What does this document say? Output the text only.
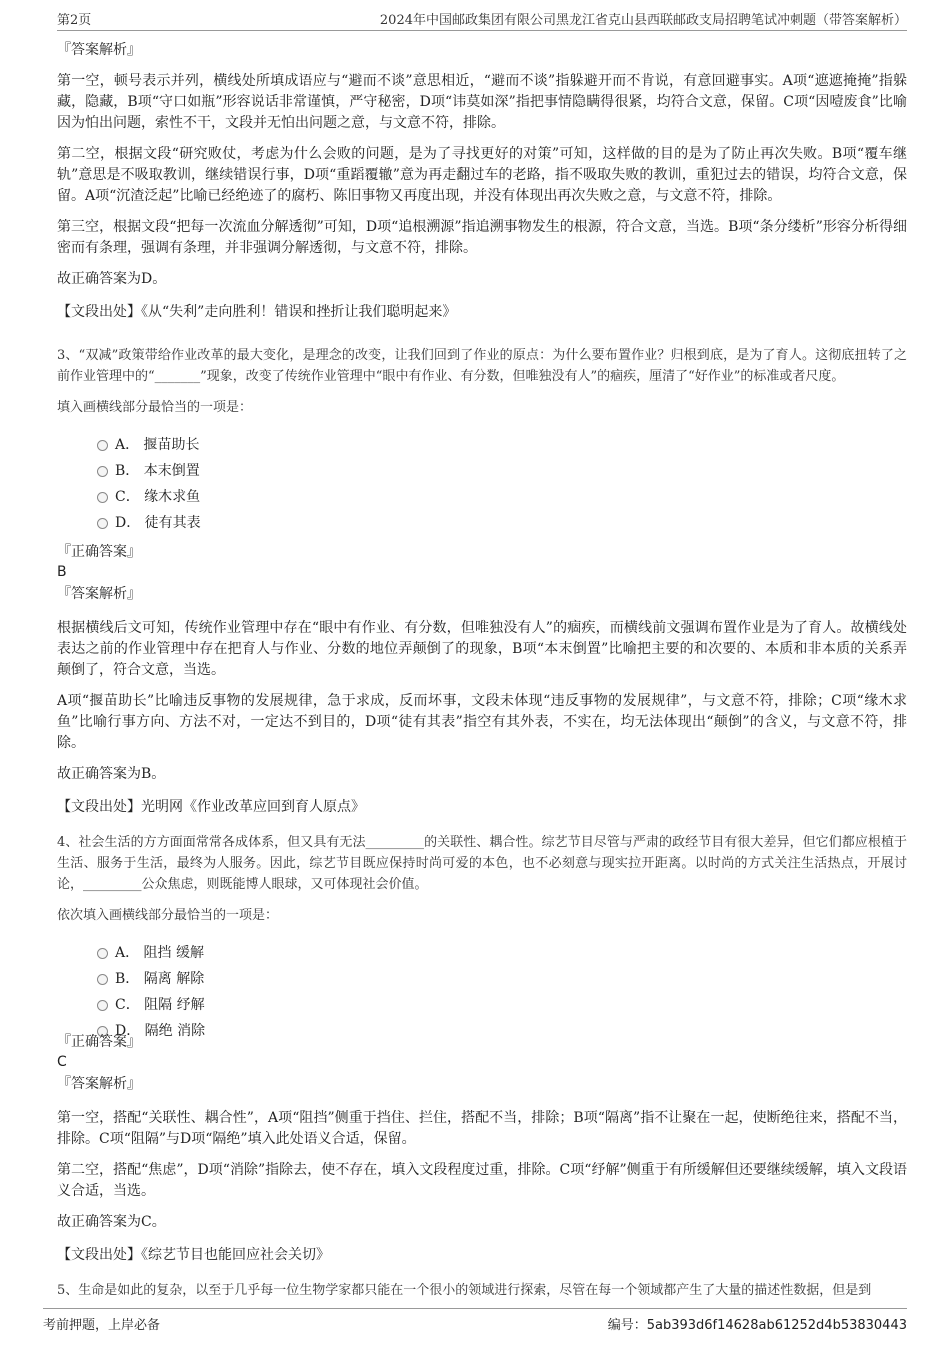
第2页	2024年中国邮政集团有限公司黑龙江省克山县西联邮政支局招聘笔试冲刺题（带答案解析）
『答案解析』

第一空，顿号表示并列，横线处所填成语应与“避而不谈”意思相近，“避而不谈”指躲避开而不肯说，有意回避事实。A项“遮遮掩掩”指躲藏，隐藏，B项“守口如瓶”形容说话非常谨慎，严守秘密，D项“讳莫如深”指把事情隐瞒得很紧，均符合文意，保留。C项“因噎废食”比喻因为怕出问题，索性不干，文段并无怕出问题之意，与文意不符，排除。

第二空，根据文段“研究败仗，考虑为什么会败的问题，是为了寻找更好的对策”可知，这样做的目的是为了防止再次失败。B项“覆车继轨”意思是不吸取教训，继续错误行事，D项“重蹈覆辙”意为再走翻过车的老路，指不吸取失败的教训，重犯过去的错误，均符合文意，保留。A项“沉渣泛起”比喻已经绝迹了的腐朽、陈旧事物又再度出现，并没有体现出再次失败之意，与文意不符，排除。

第三空，根据文段“把每一次流血分解透彻”可知，D项“追根溯源”指追溯事物发生的根源，符合文意，当选。B项“条分缕析”形容分析得细密而有条理，强调有条理，并非强调分解透彻，与文意不符，排除。

故正确答案为D。

【文段出处】《从“失利”走向胜利！错误和挫折让我们聪明起来》
3、“双减”政策带给作业改革的最大变化，是理念的改变，让我们回到了作业的原点：为什么要布置作业？归根到底，是为了育人。这彻底扭转了之前作业管理中的“_______”现象，改变了传统作业管理中“眼中有作业、有分数，但唯独没有人”的痼疾，厘清了“好作业”的标准或者尺度。
填入画横线部分最恰当的一项是：
A． 揠苗助长
B． 本末倒置
C． 缘木求鱼
D． 徒有其表
『正确答案』
B
『答案解析』

根据横线后文可知，传统作业管理中存在“眼中有作业、有分数，但唯独没有人”的痼疾，而横线前文强调布置作业是为了育人。故横线处表达之前的作业管理中存在把育人与作业、分数的地位弄颠倒了的现象，B项“本末倒置”比喻把主要的和次要的、本质和非本质的关系弄颠倒了，符合文意，当选。

A项“揠苗助长”比喻违反事物的发展规律，急于求成，反而坏事，文段未体现“违反事物的发展规律”，与文意不符，排除；C项“缘木求鱼”比喻行事方向、方法不对，一定达不到目的，D项“徒有其表”指空有其外表，不实在，均无法体现出“颠倒”的含义，与文意不符，排除。

故正确答案为B。

【文段出处】光明网《作业改革应回到育人原点》
4、社会生活的方方面面常常各成体系，但又具有无法_________的关联性、耦合性。综艺节目尽管与严肃的政经节目有很大差异，但它们都应根植于生活、服务于生活，最终为人服务。因此，综艺节目既应保持时尚可爱的本色，也不必刻意与现实拉开距离。以时尚的方式关注生活热点，开展讨论，_________公众焦虑，则既能博人眼球，又可体现社会价值。
依次填入画横线部分最恰当的一项是：
A． 阻挡 缓解
B． 隔离 解除
C． 阻隔 纾解
D． 隔绝 消除
『正确答案』
C
『答案解析』

第一空，搭配“关联性、耦合性”，A项“阻挡”侧重于挡住、拦住，搭配不当，排除；B项“隔离”指不让聚在一起，使断绝往来，搭配不当，排除。C项“阻隔”与D项“隔绝”填入此处语义合适，保留。

第二空，搭配“焦虑”，D项“消除”指除去，使不存在，填入文段程度过重，排除。C项“纾解”侧重于有所缓解但还要继续缓解，填入文段语义合适，当选。

故正确答案为C。

【文段出处】《综艺节目也能回应社会关切》
5、生命是如此的复杂，以至于几乎每一位生物学家都只能在一个很小的领域进行探索，尽管在每一个领域都产生了大量的描述性数据，但是到
考前押题，上岸必备	编号：5ab393d6f14628ab61252d4b53830443
